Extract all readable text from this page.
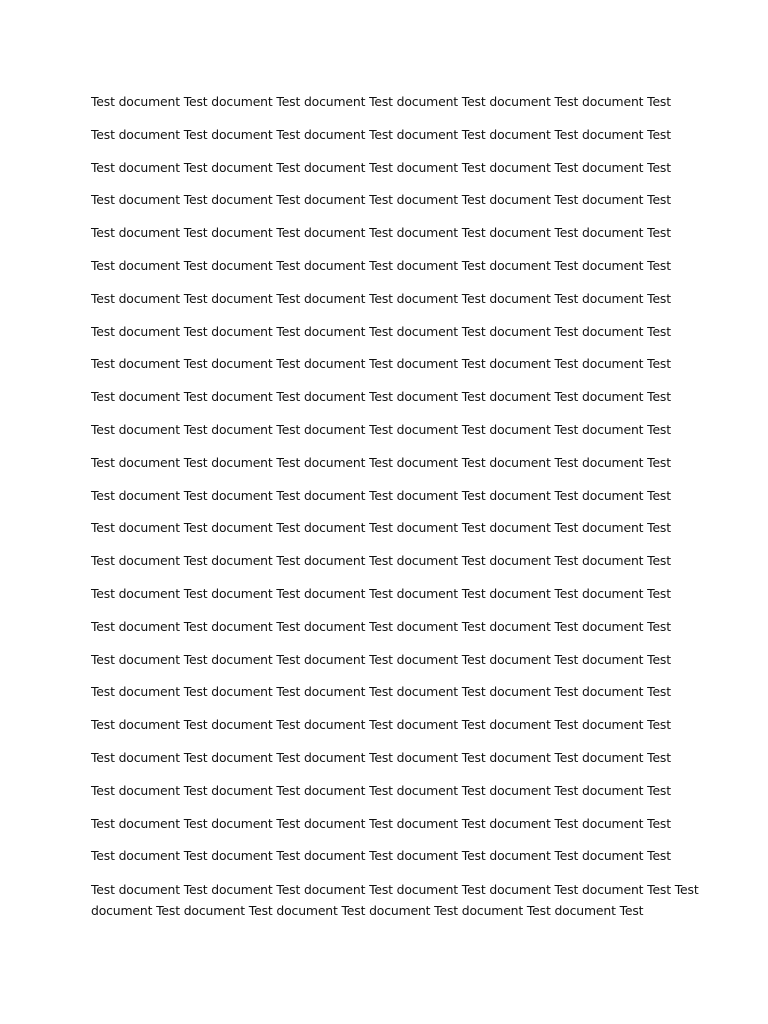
Test document Test document Test document Test document Test document Test document Test

Test document Test document Test document Test document Test document Test document Test

Test document Test document Test document Test document Test document Test document Test

Test document Test document Test document Test document Test document Test document Test

Test document Test document Test document Test document Test document Test document Test

Test document Test document Test document Test document Test document Test document Test

Test document Test document Test document Test document Test document Test document Test

Test document Test document Test document Test document Test document Test document Test

Test document Test document Test document Test document Test document Test document Test

Test document Test document Test document Test document Test document Test document Test

Test document Test document Test document Test document Test document Test document Test

Test document Test document Test document Test document Test document Test document Test

Test document Test document Test document Test document Test document Test document Test

Test document Test document Test document Test document Test document Test document Test

Test document Test document Test document Test document Test document Test document Test

Test document Test document Test document Test document Test document Test document Test

Test document Test document Test document Test document Test document Test document Test

Test document Test document Test document Test document Test document Test document Test

Test document Test document Test document Test document Test document Test document Test

Test document Test document Test document Test document Test document Test document Test

Test document Test document Test document Test document Test document Test document Test

Test document Test document Test document Test document Test document Test document Test

Test document Test document Test document Test document Test document Test document Test

Test document Test document Test document Test document Test document Test document Test

Test document Test document Test document Test document Test document Test document Test Test
document Test document Test document Test document Test document Test document Test
